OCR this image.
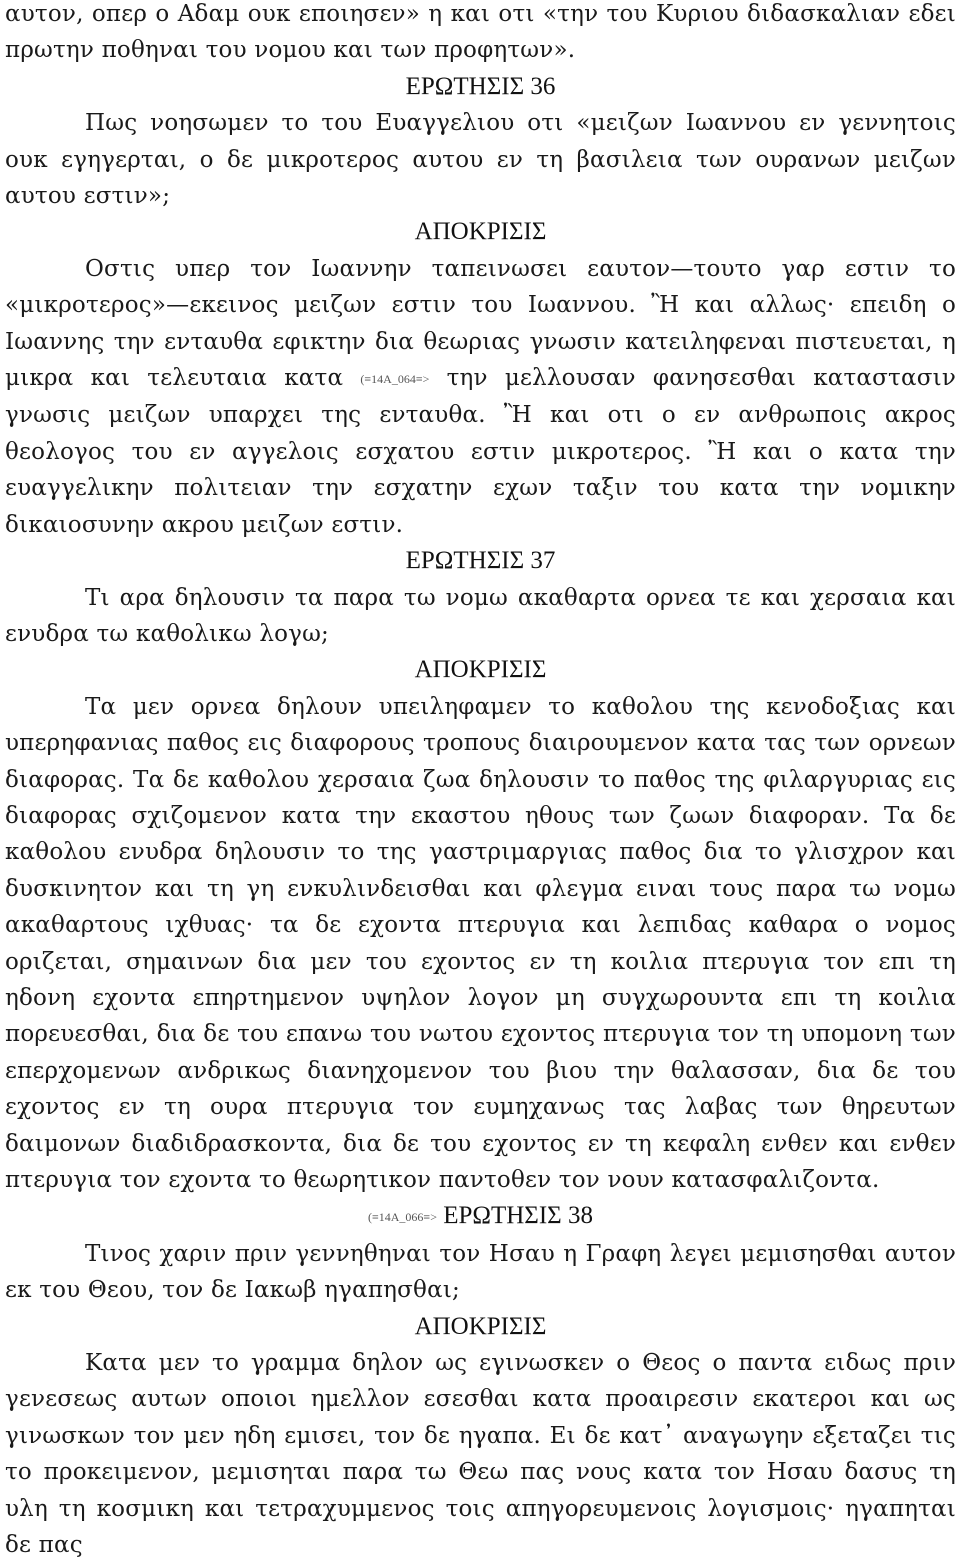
αυτον, οπερ ο Αδαμ ουκ εποιησεν» η και οτι «την του Κυριου διδασκαλιαν εδει πρωτην ποθηναι του νομου και των προφητων».

ΕΡΩΤΗΣΙΣ 36

Πως νοησωμεν το του Ευαγγελιου οτι «μειζων Ιωαννου εν γεννητοις ουκ εγηγερται, ο δε μικροτερος αυτου εν τη βασιλεια των ουρανων μειζων αυτου εστιν»;

ΑΠΟΚΡΙΣΙΣ

Οστις υπερ τον Ιωαννην ταπεινωσει εαυτον—τουτο γαρ εστιν το «μικροτερος»—εκεινος μειζων εστιν του Ιωαννου. Ἢ και αλλως· επειδη ο Ιωαννης την ενταυθα εφικτην δια θεωριας γνωσιν κατειληφεναι πιστευεται, η μικρα και τελευταια κατα (≡14A_064≡> την μελλουσαν φανησεσθαι καταστασιν γνωσις μειζων υπαρχει της ενταυθα. Ἢ και οτι ο εν ανθρωποις ακρος θεολογος του εν αγγελοις εσχατου εστιν μικροτερος. Ἢ και ο κατα την ευαγγελικην πολιτειαν την εσχατην εχων ταξιν του κατα την νομικην δικαιοσυνην ακρου μειζων εστιν.

ΕΡΩΤΗΣΙΣ 37

Τι αρα δηλουσιν τα παρα τω νομω ακαθαρτα ορνεα τε και χερσαια και ενυδρα τω καθολικω λογω;

ΑΠΟΚΡΙΣΙΣ

Τα μεν ορνεα δηλουν υπειληφαμεν το καθολου της κενοδοξιας και υπερηφανιας παθος εις διαφορους τροπους διαιρουμενον κατα τας των ορνεων διαφορας. Τα δε καθολου χερσαια ζωα δηλουσιν το παθος της φιλαργυριας εις διαφορας σχιζομενον κατα την εκαστου ηθους των ζωων διαφοραν. Τα δε καθολου ενυδρα δηλουσιν το της γαστριμαργιας παθος δια το γλισχρον και δυσκινητον και τη γη ενκυλινδεισθαι και φλεγμα ειναι τους παρα τω νομω ακαθαρτους ιχθυας· τα δε εχοντα πτερυγια και λεπιδας καθαρα ο νομος οριζεται, σημαινων δια μεν του εχοντος εν τη κοιλια πτερυγια τον επι τη ηδονη εχοντα επηρτημενον υψηλον λογον μη συγχωρουντα επι τη κοιλια πορευεσθαι, δια δε του επανω του νωτου εχοντος πτερυγια τον τη υπομονη των επερχομενων ανδρικως διανηχομενον του βιου την θαλασσαν, δια δε του εχοντος εν τη ουρα πτερυγια τον ευμηχανως τας λαβας των θηρευτων δαιμονων διαδιδρασκοντα, δια δε του εχοντος εν τη κεφαλη ενθεν και ενθεν πτερυγια τον εχοντα το θεωρητικον παντοθεν τον νουν κατασφαλιζοντα.

(≡14A_066≡> ΕΡΩΤΗΣΙΣ 38

Τινος χαριν πριν γεννηθηναι τον Ησαυ η Γραφη λεγει μεμισησθαι αυτον εκ του Θεου, τον δε Ιακωβ ηγαπησθαι;

ΑΠΟΚΡΙΣΙΣ

Κατα μεν το γραμμα δηλον ως εγινωσκεν ο Θεος ο παντα ειδως πριν γενεσεως αυτων οποιοι ημελλον εσεσθαι κατα προαιρεσιν εκατεροι και ως γινωσκων τον μεν ηδη εμισει, τον δε ηγαπα. Ει δε κατ᾿ αναγωγην εξεταζει τις το προκειμενον, μεμισηται παρα τω Θεω πας νους κατα τον Ησαυ δασυς τη υλη τη κοσμικη και τετραχυμμενος τοις απηγορευμενοις λογισμοις· ηγαπηται δε πας
